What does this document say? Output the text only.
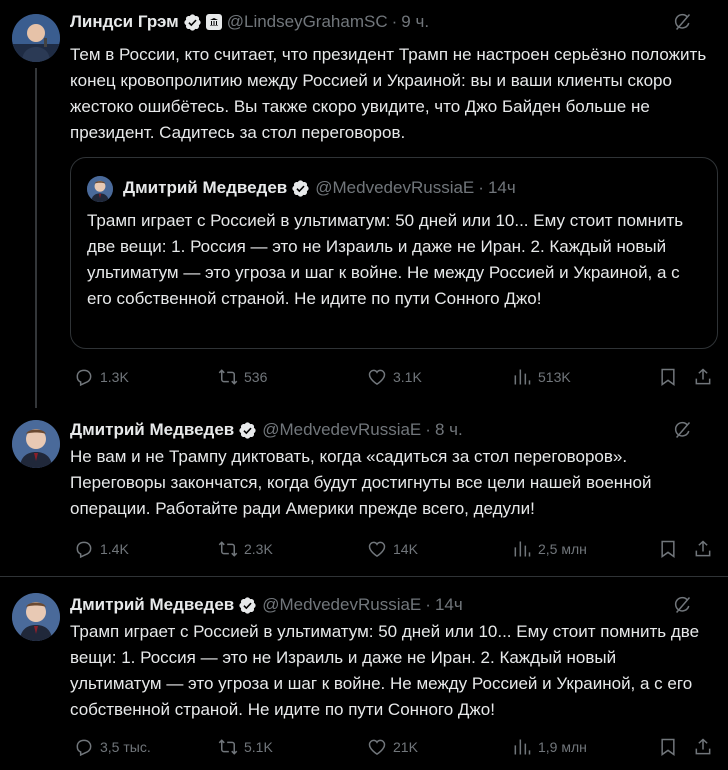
Линдси Грэм	@LindseyGrahamSC · 9 ч.
Тем в России, кто считает, что президент Трамп не настроен серьёзно положить конец кровопролитию между Россией и Украиной: вы и ваши клиенты скоро жестоко ошибётесь. Вы также скоро увидите, что Джо Байден больше не президент. Садитесь за стол переговоров.
Дмитрий Медведев @MedvedevRussiaE · 14ч
Трамп играет с Россией в ультиматум: 50 дней или 10... Ему стоит помнить две вещи: 1. Россия — это не Израиль и даже не Иран. 2. Каждый новый ультиматум — это угроза и шаг к войне. Не между Россией и Украиной, а с его собственной страной. Не идите по пути Сонного Джо!
1.3K	536	3.1K	513K
Дмитрий Медведев @MedvedevRussiaE · 8 ч.
Не вам и не Трампу диктовать, когда «садиться за стол переговоров». Переговоры закончатся, когда будут достигнуты все цели нашей военной операции. Работайте ради Америки прежде всего, дедули!
1.4K	2.3K	14K	2,5 млн
Дмитрий Медведев @MedvedevRussiaE · 14ч
Трамп играет с Россией в ультиматум: 50 дней или 10... Ему стоит помнить две вещи: 1. Россия — это не Израиль и даже не Иран. 2. Каждый новый ультиматум — это угроза и шаг к войне. Не между Россией и Украиной, а с его собственной страной. Не идите по пути Сонного Джо!
3,5 тыс.	5.1K	21K	1,9 млн
